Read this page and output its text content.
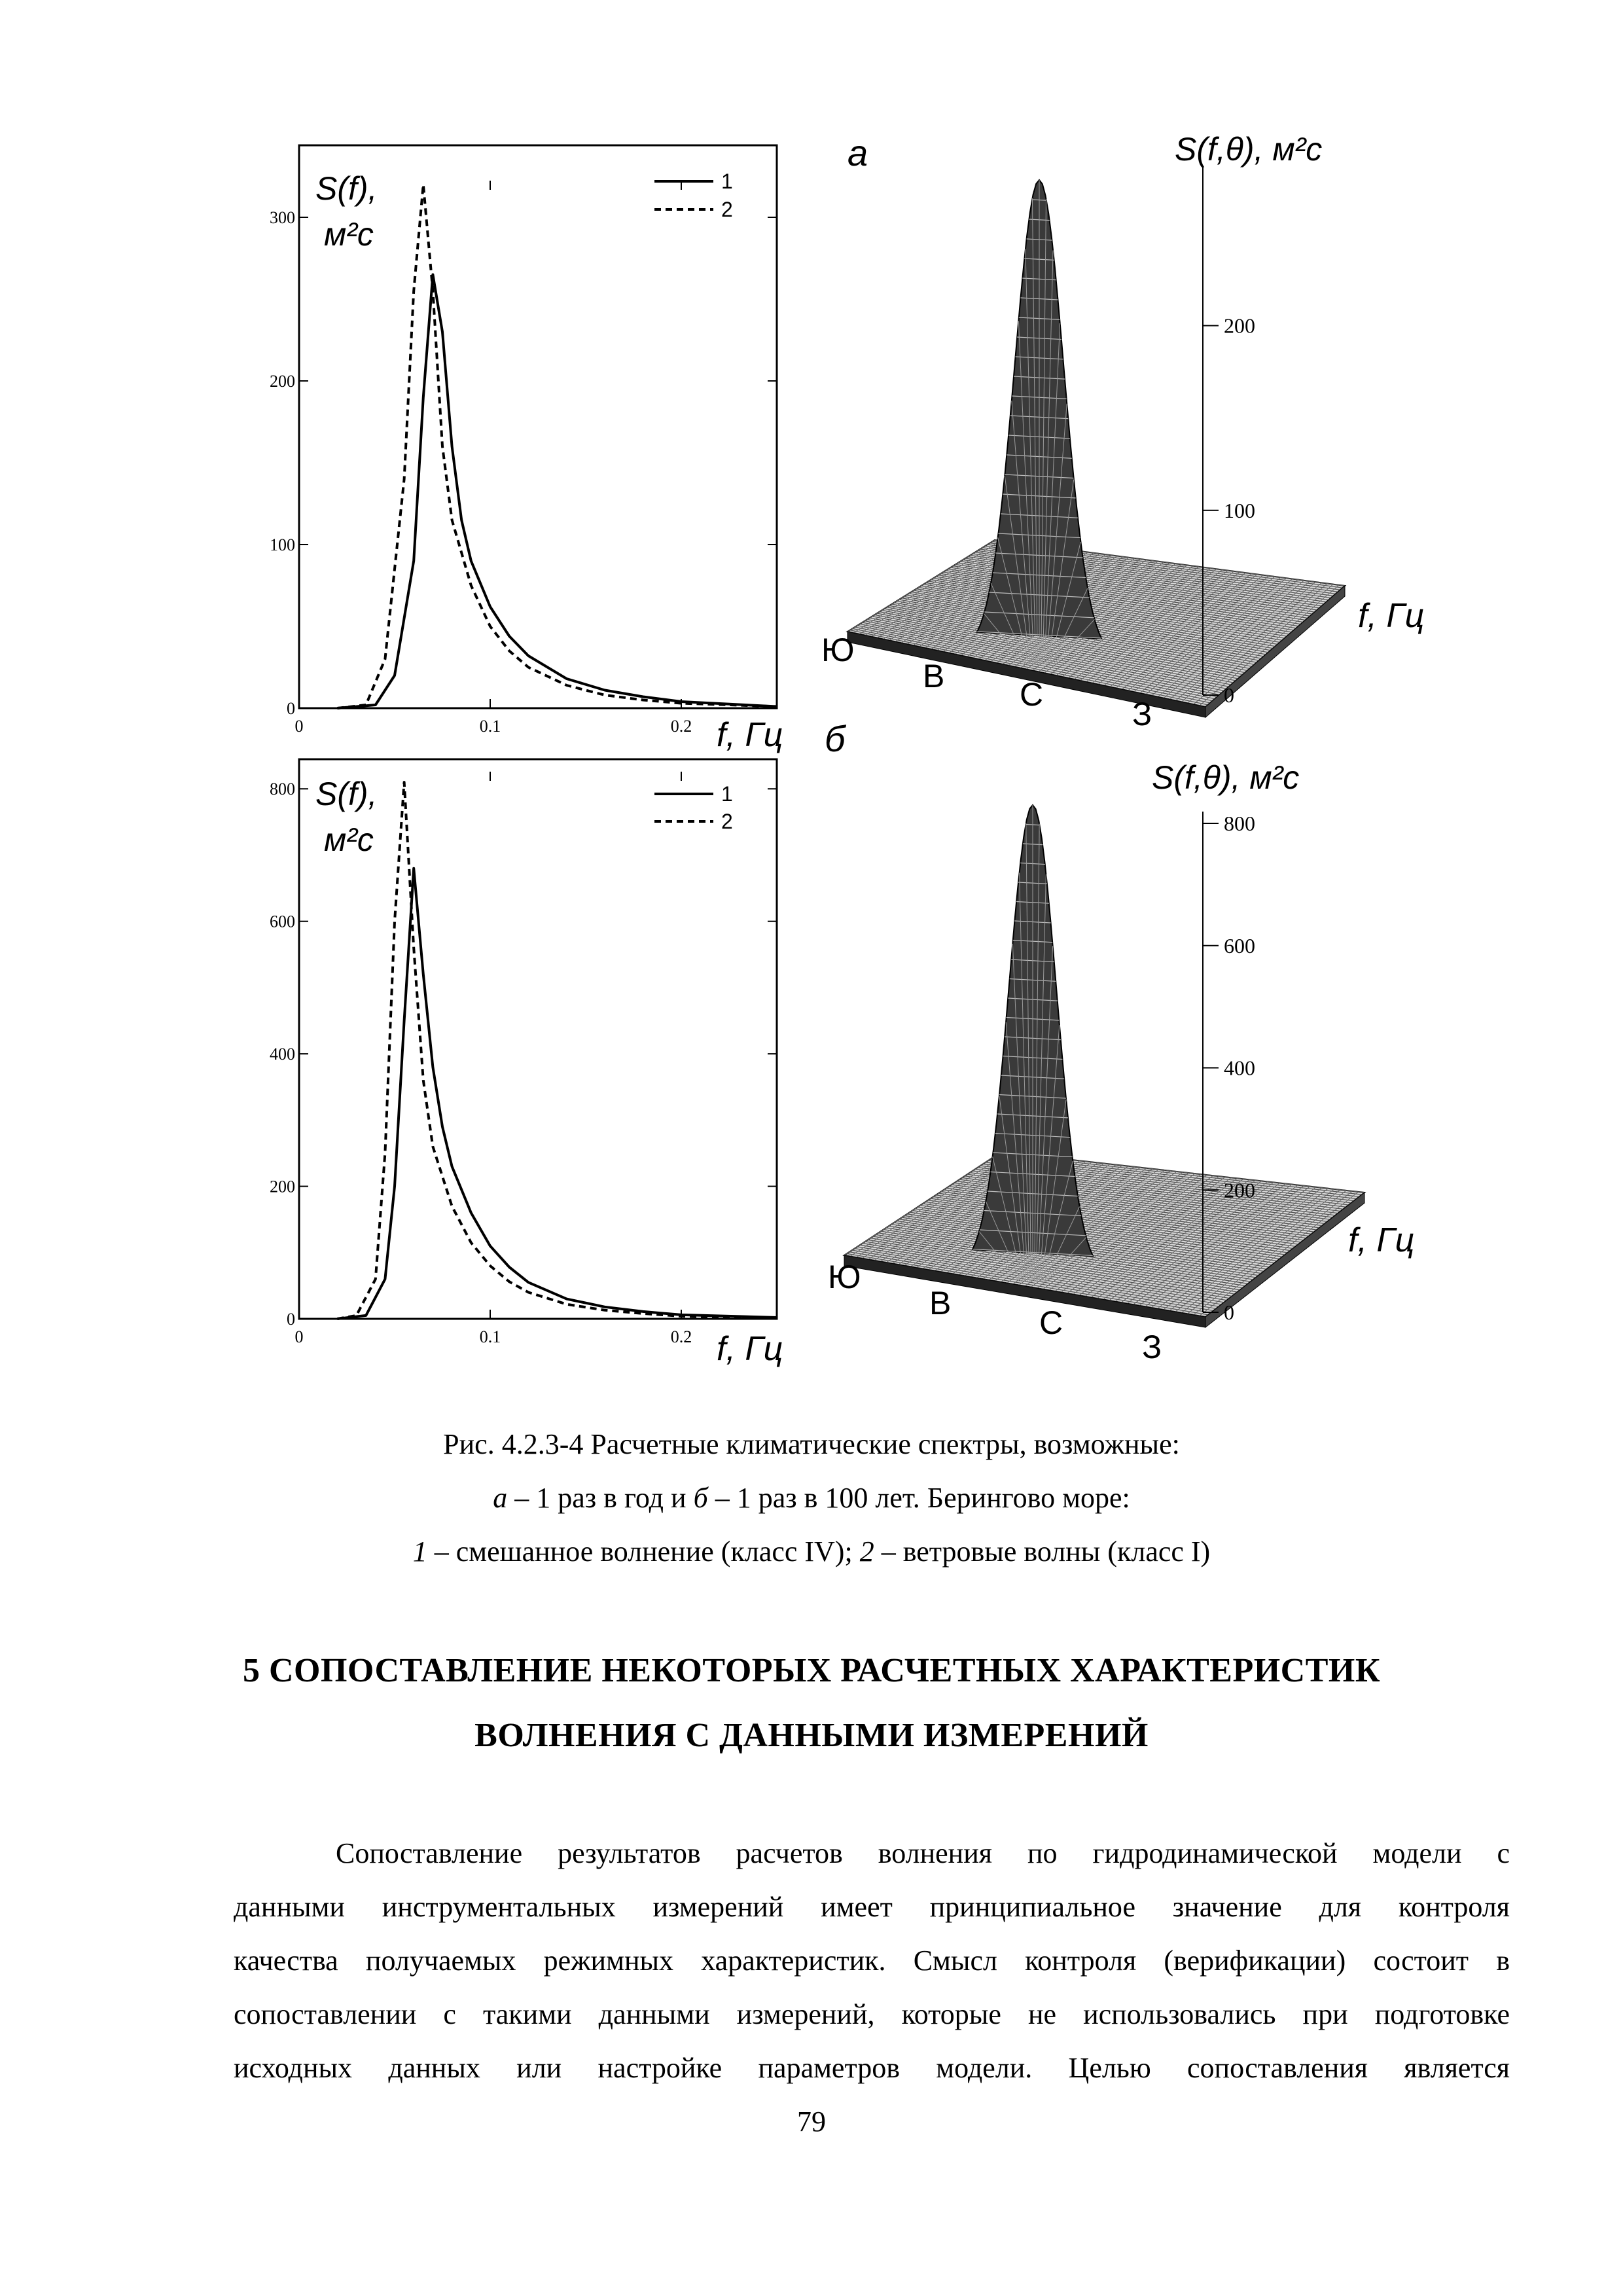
0
100
200
300
0	0.1	0.2
S(f),
м²с
1
2
f, Гц
0
200
400
600
800
0	0.1	0.2
S(f),
м²с
1
2
f, Гц
а	S(f,θ), м²с
f, Гц
0
100
200
Ю
В С
З
б
S(f,θ), м²с
f, Гц
0
200
400
600
800
Ю
В
С
З
Рис. 4.2.3-4 Расчетные климатические спектры, возможные:
а – 1 раз в год и б – 1 раз в 100 лет. Берингово море:
1 – смешанное волнение (класс IV); 2 – ветровые волны (класс I)
5 СОПОСТАВЛЕНИЕ НЕКОТОРЫХ РАСЧЕТНЫХ ХАРАКТЕРИСТИК
ВОЛНЕНИЯ С ДАННЫМИ ИЗМЕРЕНИЙ
Сопоставление результатов расчетов волнения по гидродинамической модели с
данными инструментальных измерений имеет принципиальное значение для контроля
качества получаемых режимных характеристик. Смысл контроля (верификации) состоит в
сопоставлении с такими данными измерений, которые не использовались при подготовке
исходных данных или настройке параметров модели. Целью сопоставления является
79
